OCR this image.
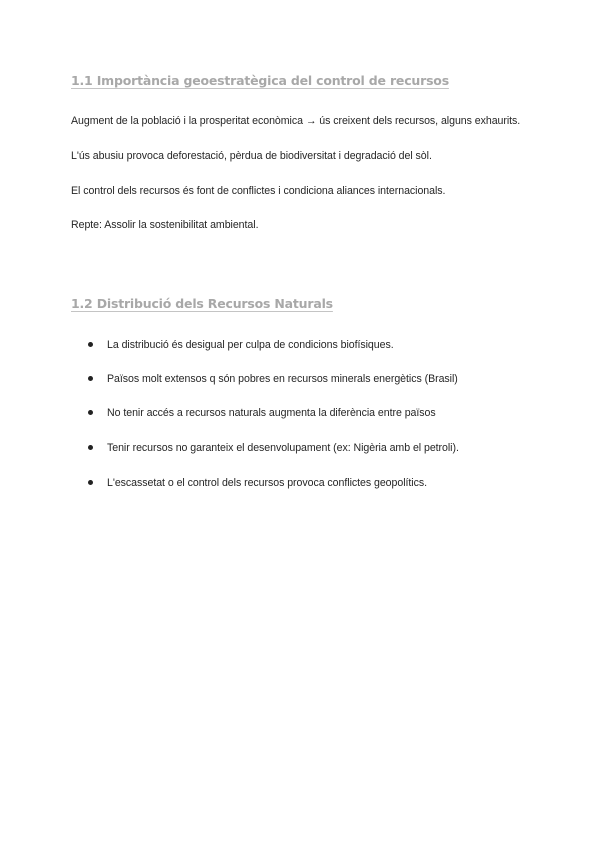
1.1 Importància geoestratègica del control de recursos

Augment de la població i la prosperitat econòmica → ús creixent dels recursos, alguns exhaurits.

L'ús abusiu provoca deforestació, pèrdua de biodiversitat i degradació del sòl.

El control dels recursos és font de conflictes i condiciona aliances internacionals.

Repte: Assolir la sostenibilitat ambiental.

1.2 Distribució dels Recursos Naturals
La distribució és desigual per culpa de condicions biofísiques.
Països molt extensos q són pobres en recursos minerals energètics (Brasil)
No tenir accés a recursos naturals augmenta la diferència entre països
Tenir recursos no garanteix el desenvolupament (ex: Nigèria amb el petroli).
L'escassetat o el control dels recursos provoca conflictes geopolítics.
